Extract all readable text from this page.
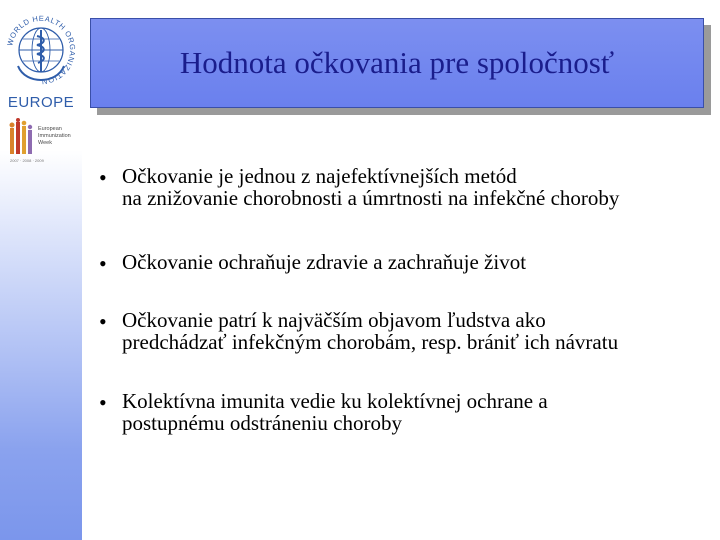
WORLD HEALTH ORGANIZATION
EUROPE
European
Immunization
Week
2007 · 2008 · 2009
Hodnota očkovania pre spoločnosť
• Očkovanie je jednou z najefektívnejších metód
na znižovanie chorobnosti a úmrtnosti na infekčné choroby
• Očkovanie ochraňuje zdravie a zachraňuje život
• Očkovanie patrí k najväčším objavom ľudstva ako
predchádzať infekčným chorobám, resp. brániť ich návratu
• Kolektívna imunita vedie ku kolektívnej ochrane a
postupnému odstráneniu choroby
